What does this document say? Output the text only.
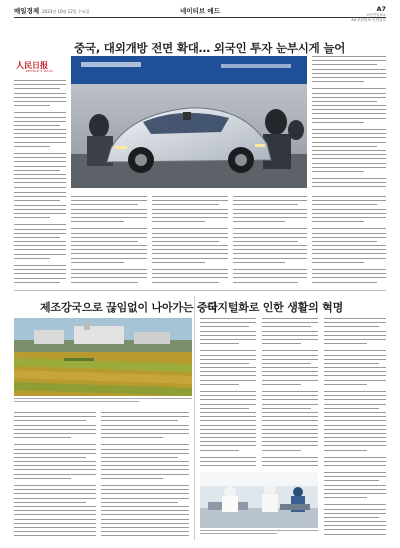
매일경제 2023년 10월 12일 수요일	네이티브 애드	A7
<인민일보>
Ad·조선일보·인민일보
중국, 대외개방 전면 확대… 외국인 투자 눈부시게 늘어
人民日报
PEOPLE'S DAILY
제조강국으로 끊임없이 나아가는 중국
디지털화로 인한 생활의 혁명
